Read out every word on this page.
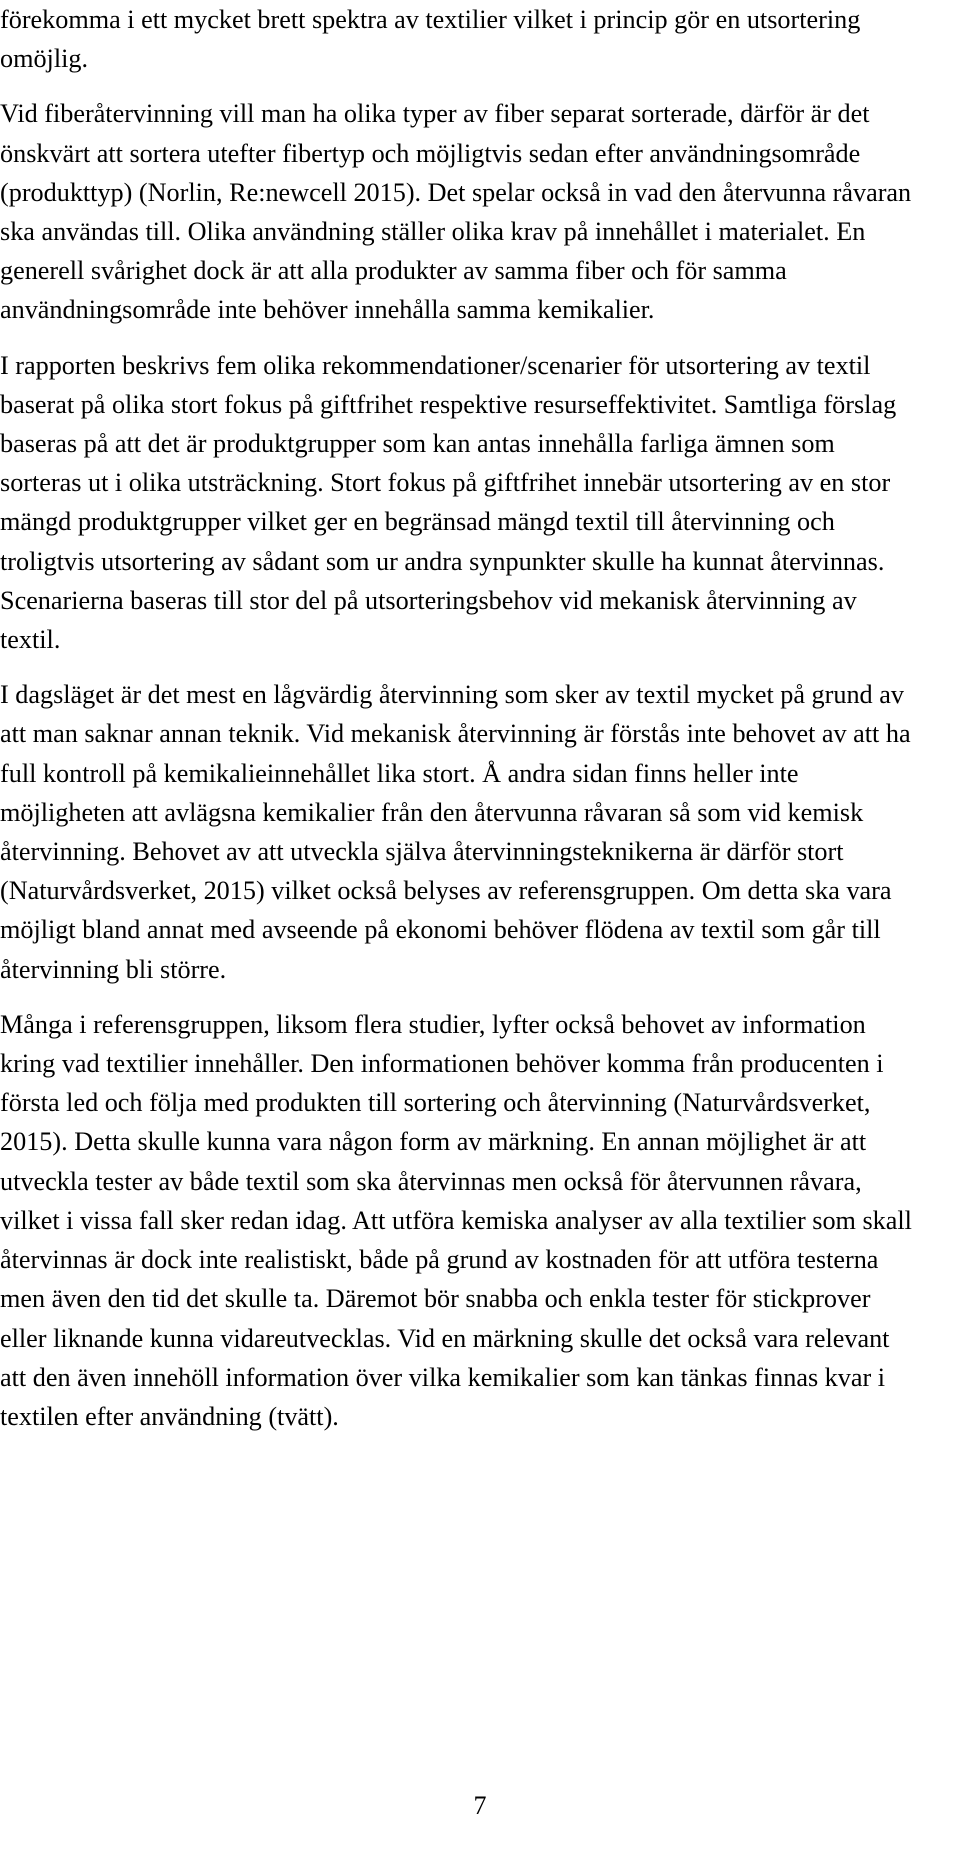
förekomma i ett mycket brett spektra av textilier vilket i princip gör en utsortering omöjlig.

Vid fiberåtervinning vill man ha olika typer av fiber separat sorterade, därför är det önskvärt att sortera utefter fibertyp och möjligtvis sedan efter användningsområde (produkttyp) (Norlin, Re:newcell 2015). Det spelar också in vad den återvunna råvaran ska användas till. Olika användning ställer olika krav på innehållet i materialet. En generell svårighet dock är att alla produkter av samma fiber och för samma användningsområde inte behöver innehålla samma kemikalier.

I rapporten beskrivs fem olika rekommendationer/scenarier för utsortering av textil baserat på olika stort fokus på giftfrihet respektive resurseffektivitet. Samtliga förslag baseras på att det är produktgrupper som kan antas innehålla farliga ämnen som sorteras ut i olika utsträckning. Stort fokus på giftfrihet innebär utsortering av en stor mängd produktgrupper vilket ger en begränsad mängd textil till återvinning och troligtvis utsortering av sådant som ur andra synpunkter skulle ha kunnat återvinnas. Scenarierna baseras till stor del på utsorteringsbehov vid mekanisk återvinning av textil.

I dagsläget är det mest en lågvärdig återvinning som sker av textil mycket på grund av att man saknar annan teknik. Vid mekanisk återvinning är förstås inte behovet av att ha full kontroll på kemikalieinnehållet lika stort. Å andra sidan finns heller inte möjligheten att avlägsna kemikalier från den återvunna råvaran så som vid kemisk återvinning. Behovet av att utveckla själva återvinningsteknikerna är därför stort (Naturvårdsverket, 2015) vilket också belyses av referensgruppen. Om detta ska vara möjligt bland annat med avseende på ekonomi behöver flödena av textil som går till återvinning bli större.

Många i referensgruppen, liksom flera studier, lyfter också behovet av information kring vad textilier innehåller. Den informationen behöver komma från producenten i första led och följa med produkten till sortering och återvinning (Naturvårdsverket, 2015). Detta skulle kunna vara någon form av märkning. En annan möjlighet är att utveckla tester av både textil som ska återvinnas men också för återvunnen råvara, vilket i vissa fall sker redan idag. Att utföra kemiska analyser av alla textilier som skall återvinnas är dock inte realistiskt, både på grund av kostnaden för att utföra testerna men även den tid det skulle ta. Däremot bör snabba och enkla tester för stickprover eller liknande kunna vidareutvecklas. Vid en märkning skulle det också vara relevant att den även innehöll information över vilka kemikalier som kan tänkas finnas kvar i textilen efter användning (tvätt).

7
